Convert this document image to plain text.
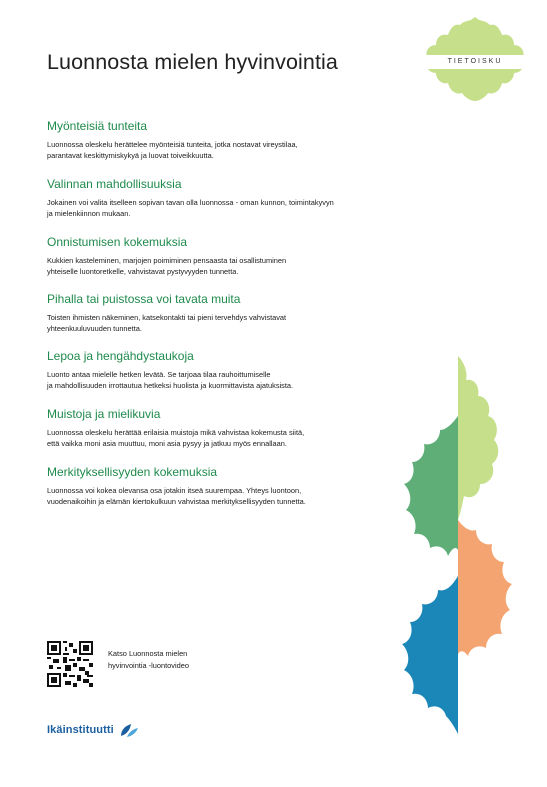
Luonnosta mielen hyvinvointia	TIETOISKU
Myönteisiä tunteita

Luonnossa oleskelu herättelee myönteisiä tunteita, jotka nostavat vireystilaa,
parantavat keskittymiskykyä ja luovat toiveikkuutta.

Valinnan mahdollisuuksia

Jokainen voi valita itselleen sopivan tavan olla luonnossa - oman kunnon, toimintakyvyn
ja mielenkiinnon mukaan.

Onnistumisen kokemuksia

Kukkien kasteleminen, marjojen poimiminen pensaasta tai osallistuminen
yhteiselle luontoretkelle, vahvistavat pystyvyyden tunnetta.

Pihalla tai puistossa voi tavata muita

Toisten ihmisten näkeminen, katsekontakti tai pieni tervehdys vahvistavat
yhteenkuuluvuuden tunnetta.

Lepoa ja hengähdystaukoja

Luonto antaa mielelle hetken levätä. Se tarjoaa tilaa rauhoittumiselle
ja mahdollisuuden irrottautua hetkeksi huolista ja kuormittavista ajatuksista.

Muistoja ja mielikuvia

Luonnossa oleskelu herättää erilaisia muistoja mikä vahvistaa kokemusta siitä,
että vaikka moni asia muuttuu, moni asia pysyy ja jatkuu myös ennallaan.

Merkityksellisyyden kokemuksia

Luonnossa voi kokea olevansa osa jotakin itseä suurempaa. Yhteys luontoon,
vuodenaikoihin ja elämän kiertokulkuun vahvistaa merkityksellisyyden tunnetta.

Katso Luonnosta mielen
hyvinvointia -luontovideo

Ikäinstituutti
